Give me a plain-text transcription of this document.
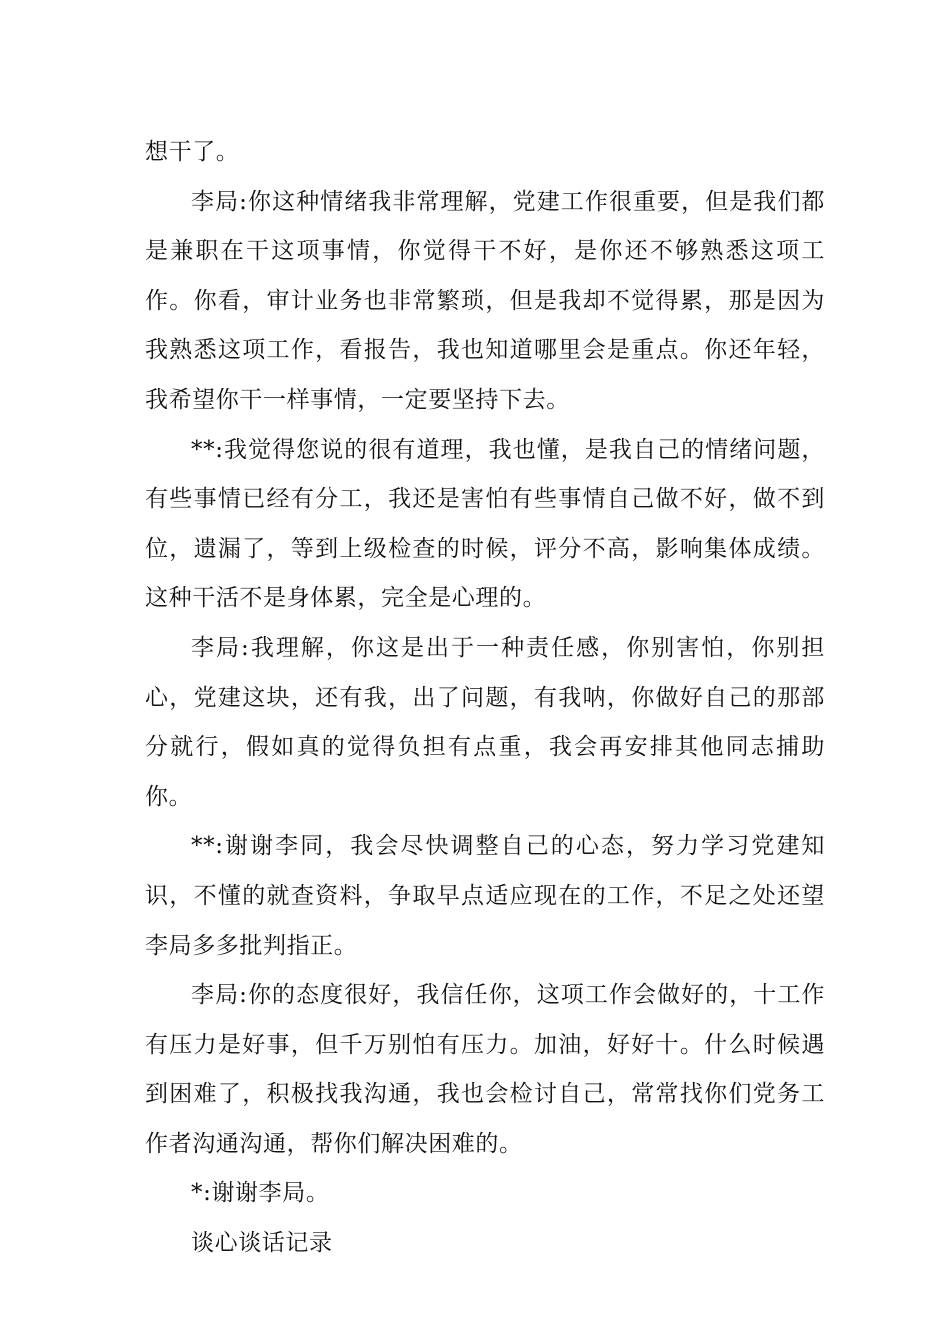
想干了。

李局:你这种情绪我非常理解，党建工作很重要，但是我们都是兼职在干这项事情，你觉得干不好，是你还不够熟悉这项工作。你看，审计业务也非常繁琐，但是我却不觉得累，那是因为我熟悉这项工作，看报告，我也知道哪里会是重点。你还年轻，我希望你干一样事情，一定要坚持下去。

**:我觉得您说的很有道理，我也懂，是我自己的情绪问题，有些事情已经有分工，我还是害怕有些事情自己做不好，做不到位，遗漏了，等到上级检查的时候，评分不高，影响集体成绩。这种干活不是身体累，完全是心理的。

李局:我理解，你这是出于一种责任感，你别害怕，你别担心，党建这块，还有我，出了问题，有我呐，你做好自己的那部分就行，假如真的觉得负担有点重，我会再安排其他同志捕助你。

**:谢谢李同，我会尽快调整自己的心态，努力学习党建知识，不懂的就查资料，争取早点适应现在的工作，不足之处还望李局多多批判指正。

李局:你的态度很好，我信任你，这项工作会做好的，十工作有压力是好事，但千万别怕有压力。加油，好好十。什么时候遇到困难了，积极找我沟通，我也会检讨自己，常常找你们党务工作者沟通沟通，帮你们解决困难的。

*:谢谢李局。

谈心谈话记录
